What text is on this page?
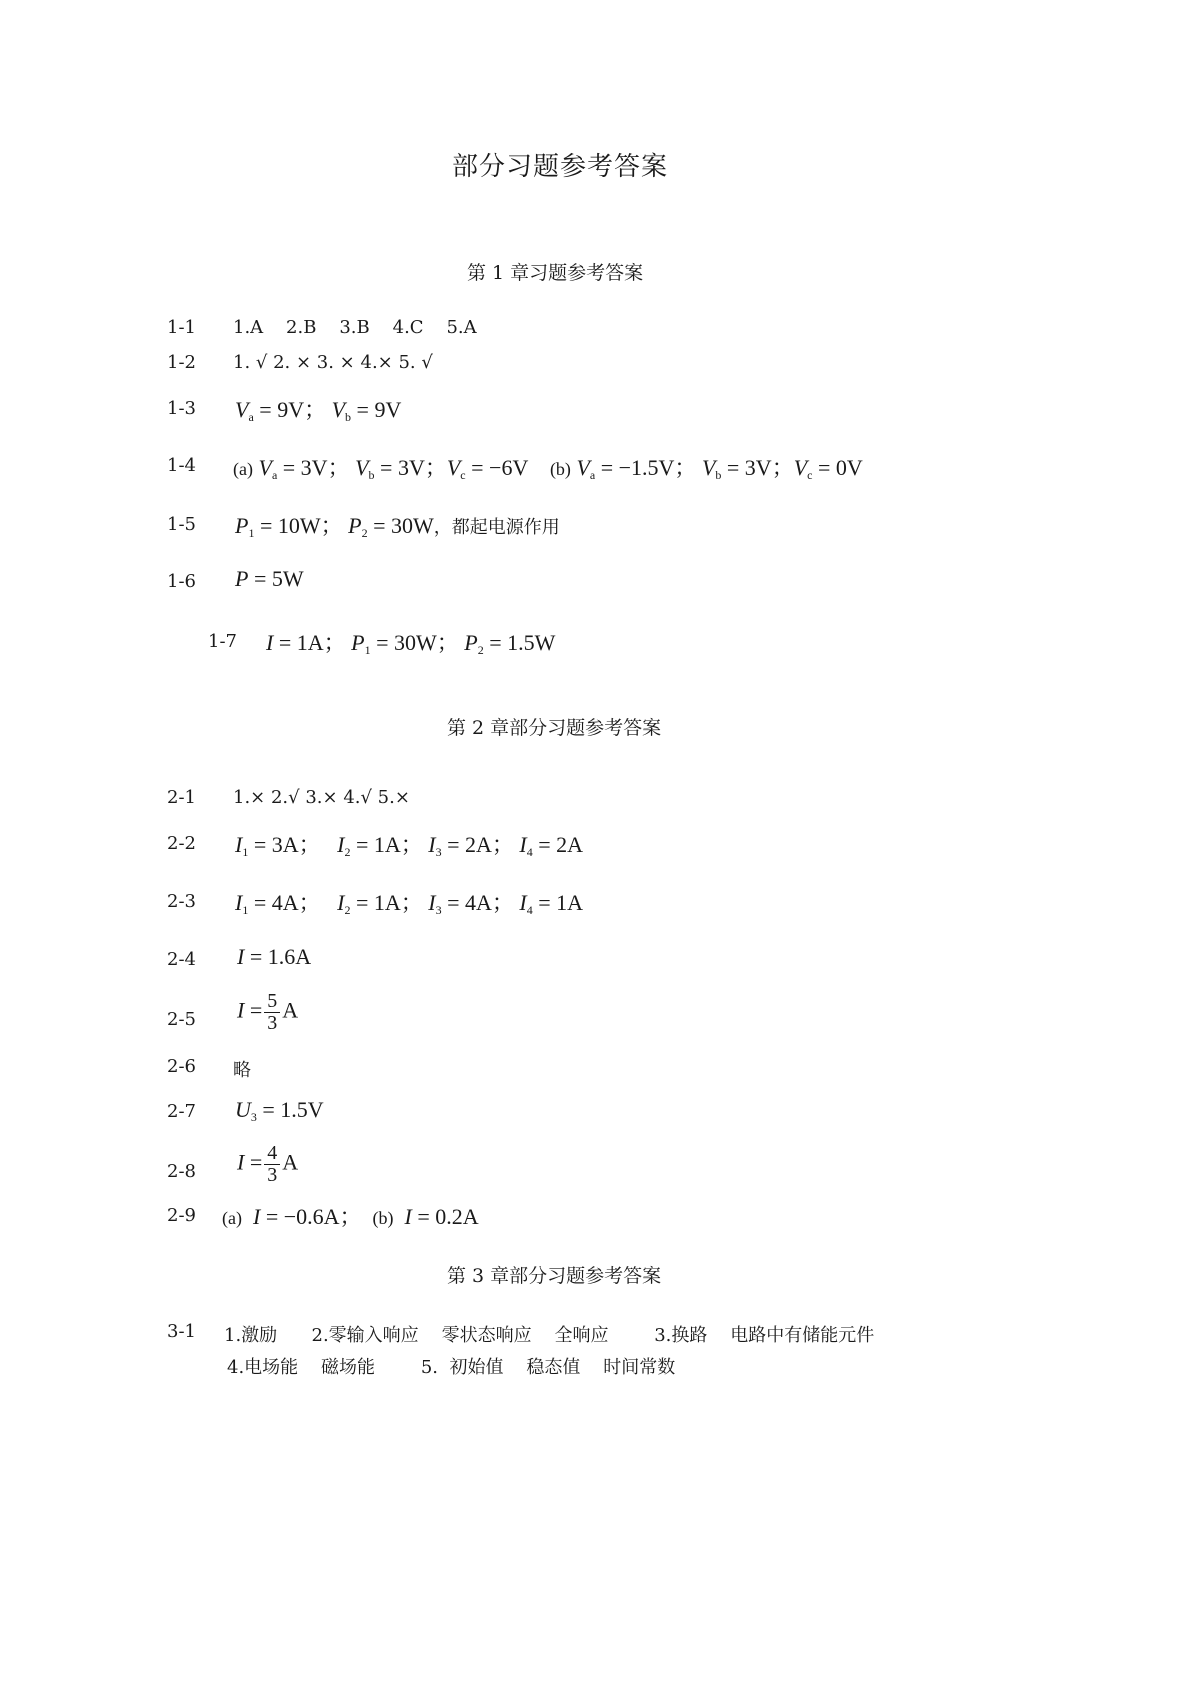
部分习题参考答案
第 1 章习题参考答案
1-1 1.A    2.B    3.B    4.C    5.A
1-2 1. √ 2. × 3. × 4.× 5. √
1-3 $V_a = 9V$； $V_b = 9V$
1-4 (a) $V_a = 3V$； $V_b = 3V$；$V_c = -6V$ (b) $V_a = -1.5V$； $V_b = 3V$；$V_c = 0V$
1-5 $P_1 = 10W$； $P_2 = 30W$，都起电源作用
1-6 P = 5W
1-7 I = 1A； $P_1 = 30W$； $P_2 = 1.5W$
第 2 章部分习题参考答案
2-1 1.× 2.√ 3.× 4.√ 5.×
2-2 $I_1 = 3A$； $I_2 = 1A$； $I_3 = 2A$； $I_4 = 2A$
2-3 $I_1 = 4A$； $I_2 = 1A$； $I_3 = 4A$； $I_4 = 1A$
2-4 I = 1.6A
2-5 $I = \frac{5}{3}$ A
2-6 略
2-7 $U_3 = 1.5V$
2-8 $I = \frac{4}{3}$ A
2-9 (a) I = −0.6A； (b) I = 0.2A
第 3 章部分习题参考答案
3-1 1.激励      2.零输入响应    零状态响应    全响应        3.换路    电路中有储能元件
4.电场能    磁场能        5.  初始值    稳态值    时间常数
